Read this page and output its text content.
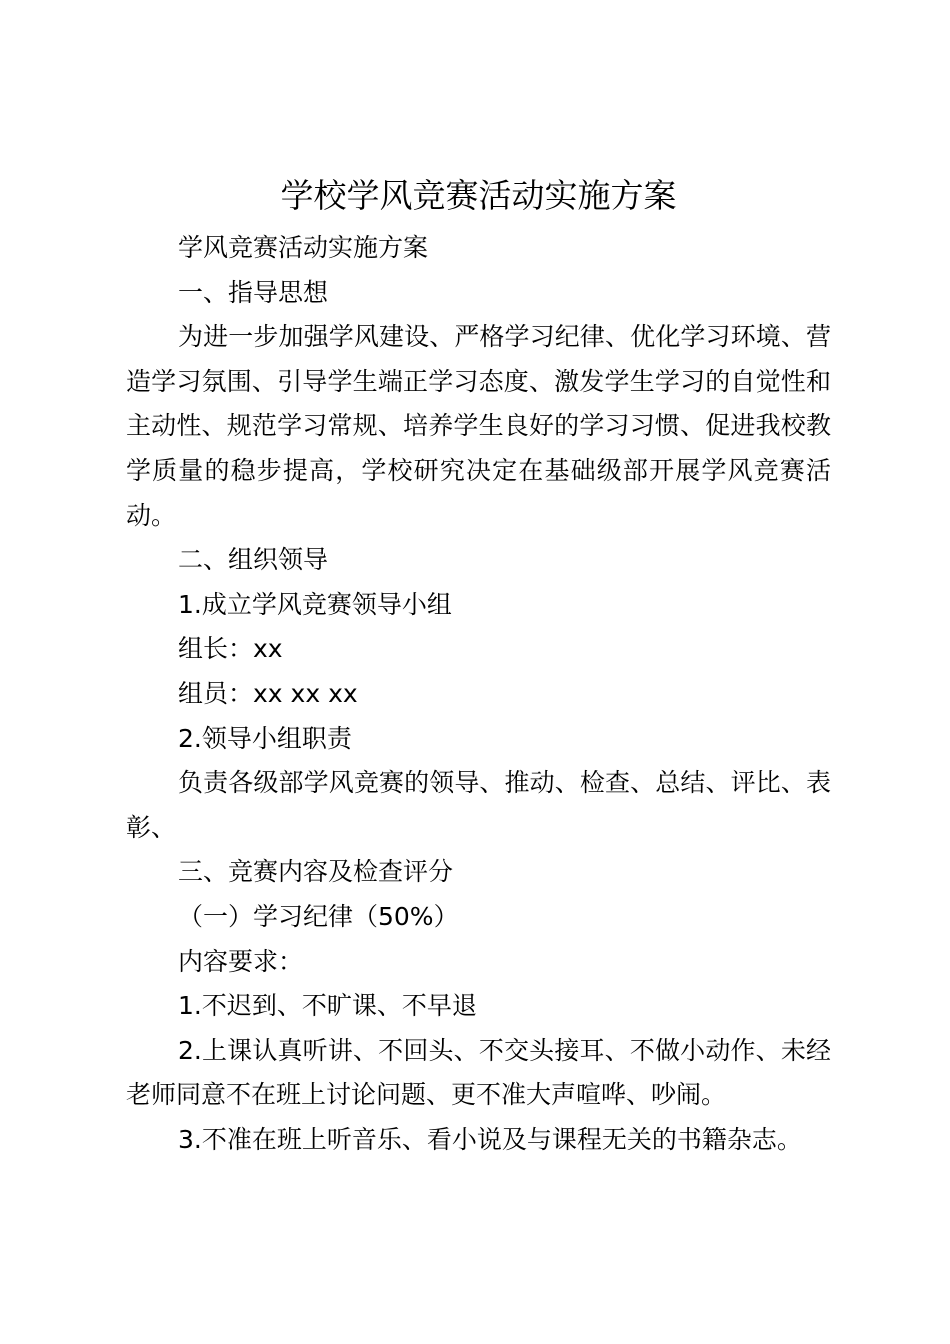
学校学风竞赛活动实施方案

学风竞赛活动实施方案

一、指导思想

为进一步加强学风建设、严格学习纪律、优化学习环境、营造学习氛围、引导学生端正学习态度、激发学生学习的自觉性和主动性、规范学习常规、培养学生良好的学习习惯、促进我校教学质量的稳步提高，学校研究决定在基础级部开展学风竞赛活动。

二、组织领导

1.成立学风竞赛领导小组

组长：xx

组员：xx xx xx

2.领导小组职责

负责各级部学风竞赛的领导、推动、检查、总结、评比、表彰、

三、竞赛内容及检查评分

（一）学习纪律（50%）

内容要求：

1.不迟到、不旷课、不早退

2.上课认真听讲、不回头、不交头接耳、不做小动作、未经老师同意不在班上讨论问题、更不准大声喧哗、吵闹。

3.不准在班上听音乐、看小说及与课程无关的书籍杂志。
